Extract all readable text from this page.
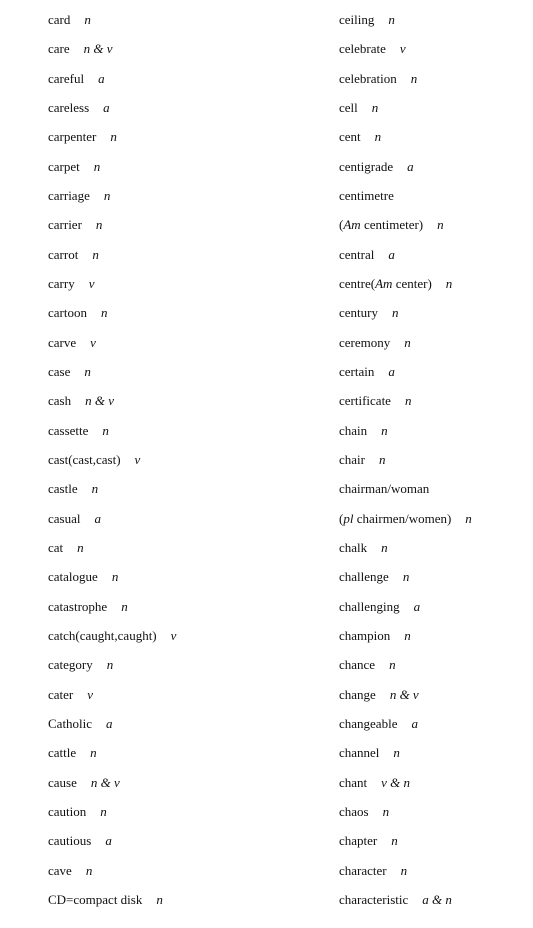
card n
care n & v
careful a
careless a
carpenter n
carpet n
carriage n
carrier n
carrot n
carry v
cartoon n
carve v
case n
cash n & v
cassette n
cast(cast,cast) v
castle n
casual a
cat n
catalogue n
catastrophe n
catch(caught,caught) v
category n
cater v
Catholic a
cattle n
cause n & v
caution n
cautious a
cave n
CD=compact disk n
ceiling n
celebrate v
celebration n
cell n
cent n
centigrade a
centimetre
(Am centimeter) n
central a
centre(Am center) n
century n
ceremony n
certain a
certificate n
chain n
chair n
chairman/woman
(pl chairmen/women) n
chalk n
challenge n
challenging a
champion n
chance n
change n & v
changeable a
channel n
chant v & n
chaos n
chapter n
character n
characteristic a & n
